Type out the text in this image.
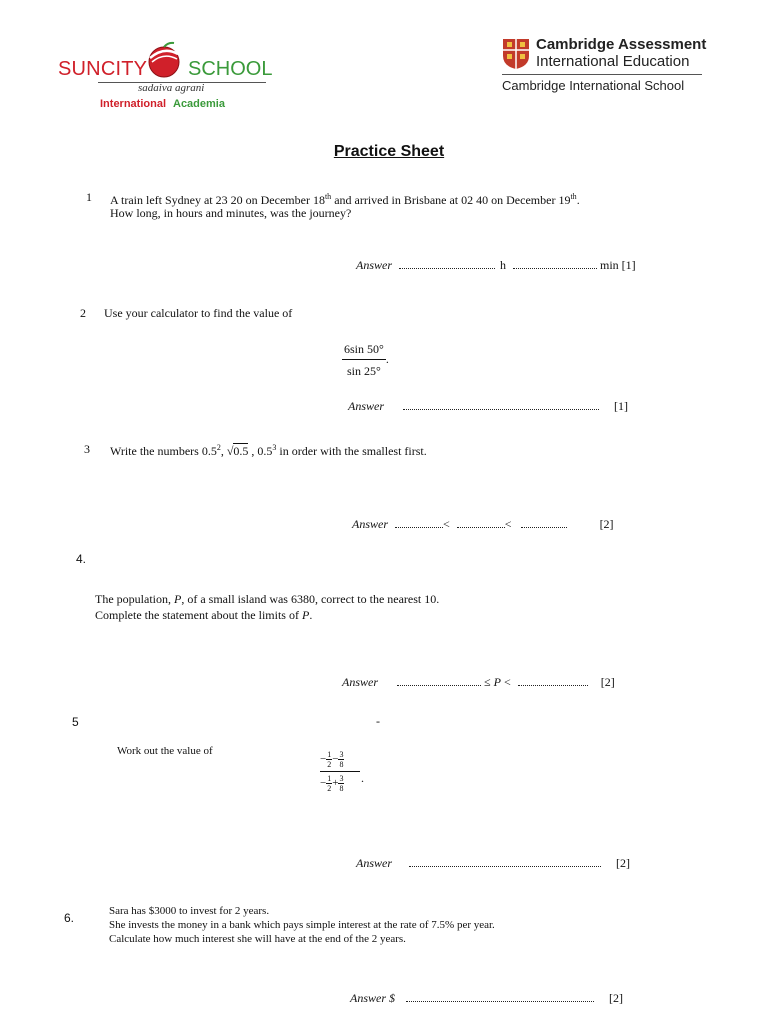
SUNCITY SCHOOL
sadaiva agrani
International Academia
Cambridge Assessment
International Education
Cambridge International School
Practice Sheet
1 A train left Sydney at 23 20 on December 18th and arrived in Brisbane at 02 40 on December 19th.
How long, in hours and minutes, was the journey?
Answer	h	min [1]
2 Use your calculator to find the value of
$\frac{6\sin 50^\circ}{\sin 25^\circ}$ .
Answer	[1]
3 Write the numbers $0.5^2$, √0.5 , $0.5^3$ in order with the smallest first.
Answer	<	<	[2]
4.
The population, P, of a small island was 6380, correct to the nearest 10.
Complete the statement about the limits of P.
Answer	≤ P <	[2]
5	-
Work out the value of
− $\frac{1}{2} - \frac{3}{8}$
− $\frac{1}{2} + \frac{3}{8}$ .
Answer	[2]
6.	Sara has $3000 to invest for 2 years.
She invests the money in a bank which pays simple interest at the rate of 7.5% per year.
Calculate how much interest she will have at the end of the 2 years.
Answer $	[2]
